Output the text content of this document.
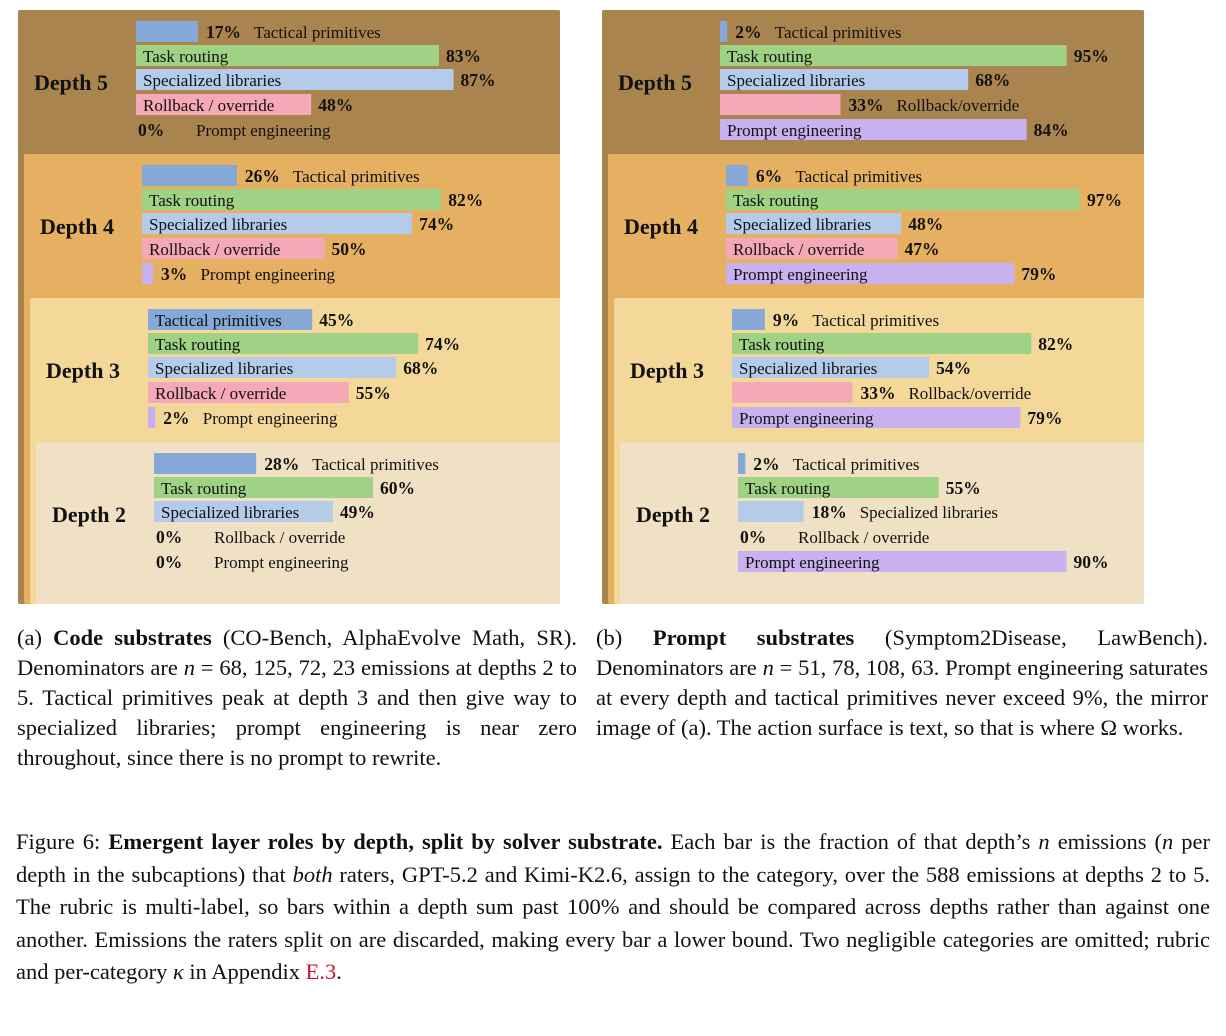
Depth 5
17% Tactical primitives
83%
Task routing
87%
Specialized libraries
48%
Rollback / override
0% Prompt engineering
Depth 4
26% Tactical primitives
82%
Task routing
74%
Specialized libraries
50%
Rollback / override
3% Prompt engineering
Depth 3
45%
Tactical primitives
74%
Task routing
68%
Specialized libraries
55%
Rollback / override
2% Prompt engineering
Depth 2
28% Tactical primitives
60%
Task routing
49%
Specialized libraries
0% Rollback / override
0% Prompt engineering
Depth 5
2% Tactical primitives
95%
Task routing
68%
Specialized libraries
33% Rollback/override
84%
Prompt engineering
Depth 4
6% Tactical primitives
97%
Task routing
48%
Specialized libraries
47%
Rollback / override
79%
Prompt engineering
Depth 3
9% Tactical primitives
82%
Task routing
54%
Specialized libraries
33% Rollback/override
79%
Prompt engineering
Depth 2
2% Tactical primitives
55%
Task routing
18% Specialized libraries
0% Rollback / override
90%
Prompt engineering
(a) Code substrates (CO-Bench, AlphaEvolve Math, SR). Denominators are n = 68, 125, 72, 23 emissions at depths 2 to 5. Tactical primitives peak at depth 3 and then give way to specialized libraries; prompt engineering is near zero throughout, since there is no prompt to rewrite.
(b) Prompt substrates (Symptom2Disease, LawBench). Denominators are n = 51, 78, 108, 63. Prompt engineering saturates at every depth and tactical primitives never exceed 9%, the mirror image of (a). The action surface is text, so that is where Ω works.
Figure 6: Emergent layer roles by depth, split by solver substrate. Each bar is the fraction of that depth’s n emissions (n per depth in the subcaptions) that both raters, GPT-5.2 and Kimi-K2.6, assign to the category, over the 588 emissions at depths 2 to 5. The rubric is multi-label, so bars within a depth sum past 100% and should be compared across depths rather than against one another. Emissions the raters split on are discarded, making every bar a lower bound. Two negligible categories are omitted; rubric and per-category κ in Appendix E.3.
